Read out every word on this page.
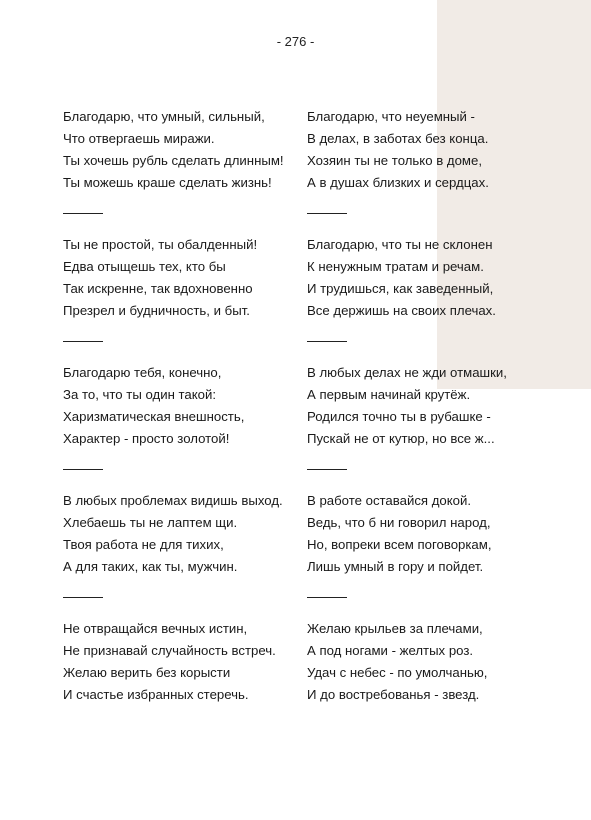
- 276 -
Благодарю, что умный, сильный,
Что отвергаешь миражи.
Ты хочешь рубль сделать длинным!
Ты можешь краше сделать жизнь!
Ты не простой, ты обалденный!
Едва отыщешь тех, кто бы
Так искренне, так вдохновенно
Презрел и будничность, и быт.
Благодарю тебя, конечно,
За то, что ты один такой:
Харизматическая внешность,
Характер - просто золотой!
В любых проблемах видишь выход.
Хлебаешь ты не лаптем щи.
Твоя работа не для тихих,
А для таких, как ты, мужчин.
Не отвращайся вечных истин,
Не признавай случайность встреч.
Желаю верить без корысти
И счастье избранных стеречь.
Благодарю, что неуемный -
В делах, в заботах без конца.
Хозяин ты не только в доме,
А в душах близких и сердцах.
Благодарю, что ты не склонен
К ненужным тратам и речам.
И трудишься, как заведенный,
Все держишь на своих плечах.
В любых делах не жди отмашки,
А первым начинай крутёж.
Родился точно ты в рубашке -
Пускай не от кутюр, но все ж...
В работе оставайся докой.
Ведь, что б ни говорил народ,
Но, вопреки всем поговоркам,
Лишь умный в гору и пойдет.
Желаю крыльев за плечами,
А под ногами - желтых роз.
Удач с небес - по умолчанью,
И до востребованья - звезд.
